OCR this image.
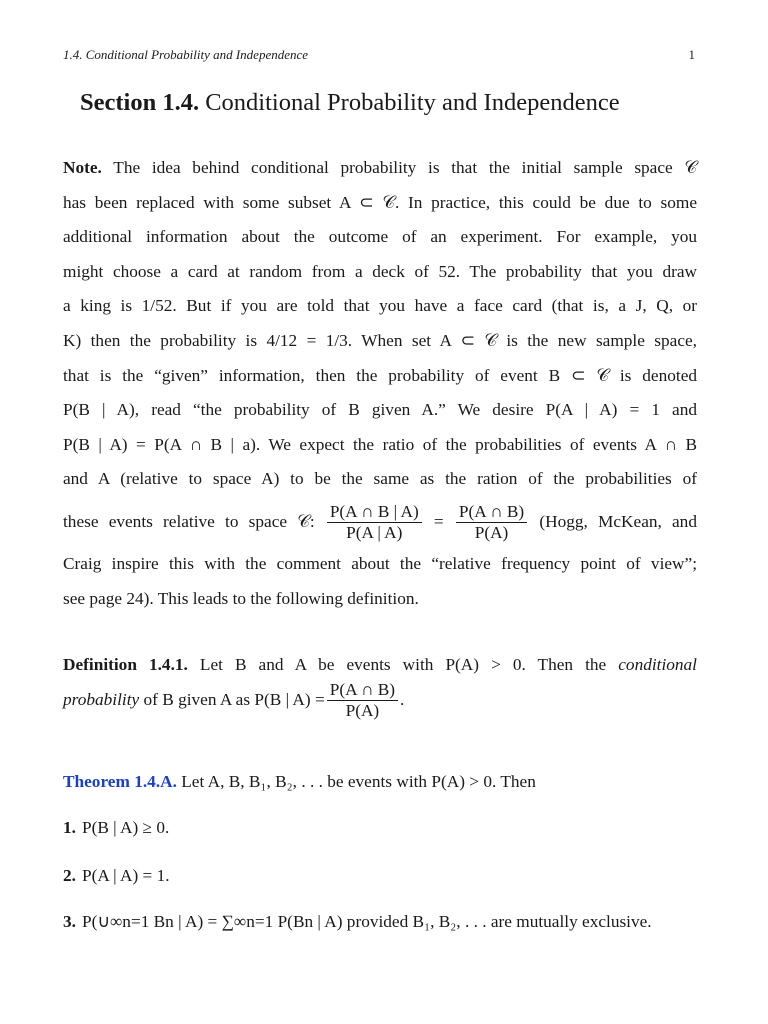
1.4. Conditional Probability and Independence	1
Section 1.4. Conditional Probability and Independence
Note. The idea behind conditional probability is that the initial sample space 𝒞
has been replaced with some subset A ⊂ 𝒞. In practice, this could be due to some
additional information about the outcome of an experiment. For example, you
might choose a card at random from a deck of 52. The probability that you draw
a king is 1/52. But if you are told that you have a face card (that is, a J, Q, or
K) then the probability is 4/12 = 1/3. When set A ⊂ 𝒞 is the new sample space,
that is the “given” information, then the probability of event B ⊂ 𝒞 is denoted
P(B | A), read “the probability of B given A.” We desire P(A | A) = 1 and
P(B | A) = P(A ∩ B | a). We expect the ratio of the probabilities of events A ∩ B
and A (relative to space A) to be the same as the ration of the probabilities of
these events relative to space 𝒞: $\frac{P(A \cap B | A)}{P(A | A)} = \frac{P(A \cap B)}{P(A)}$ (Hogg, McKean, and
Craig inspire this with the comment about the “relative frequency point of view”;
see page 24). This leads to the following definition.
Definition 1.4.1. Let B and A be events with P(A) > 0. Then the conditional
probability of B given A as P(B | $A) = \frac{P(A \cap B)}{P(A)}$ .
Theorem 1.4.A. Let A, B, B₁, B₂, . . . be events with P(A) > 0. Then
1. P(B | A) ≥ 0.
2. P(A | A) = 1.
3. P(∪∞n=1 Bn | A) = ∑∞n=1 P(Bn | A) provided B₁, B₂, . . . are mutually exclusive.
